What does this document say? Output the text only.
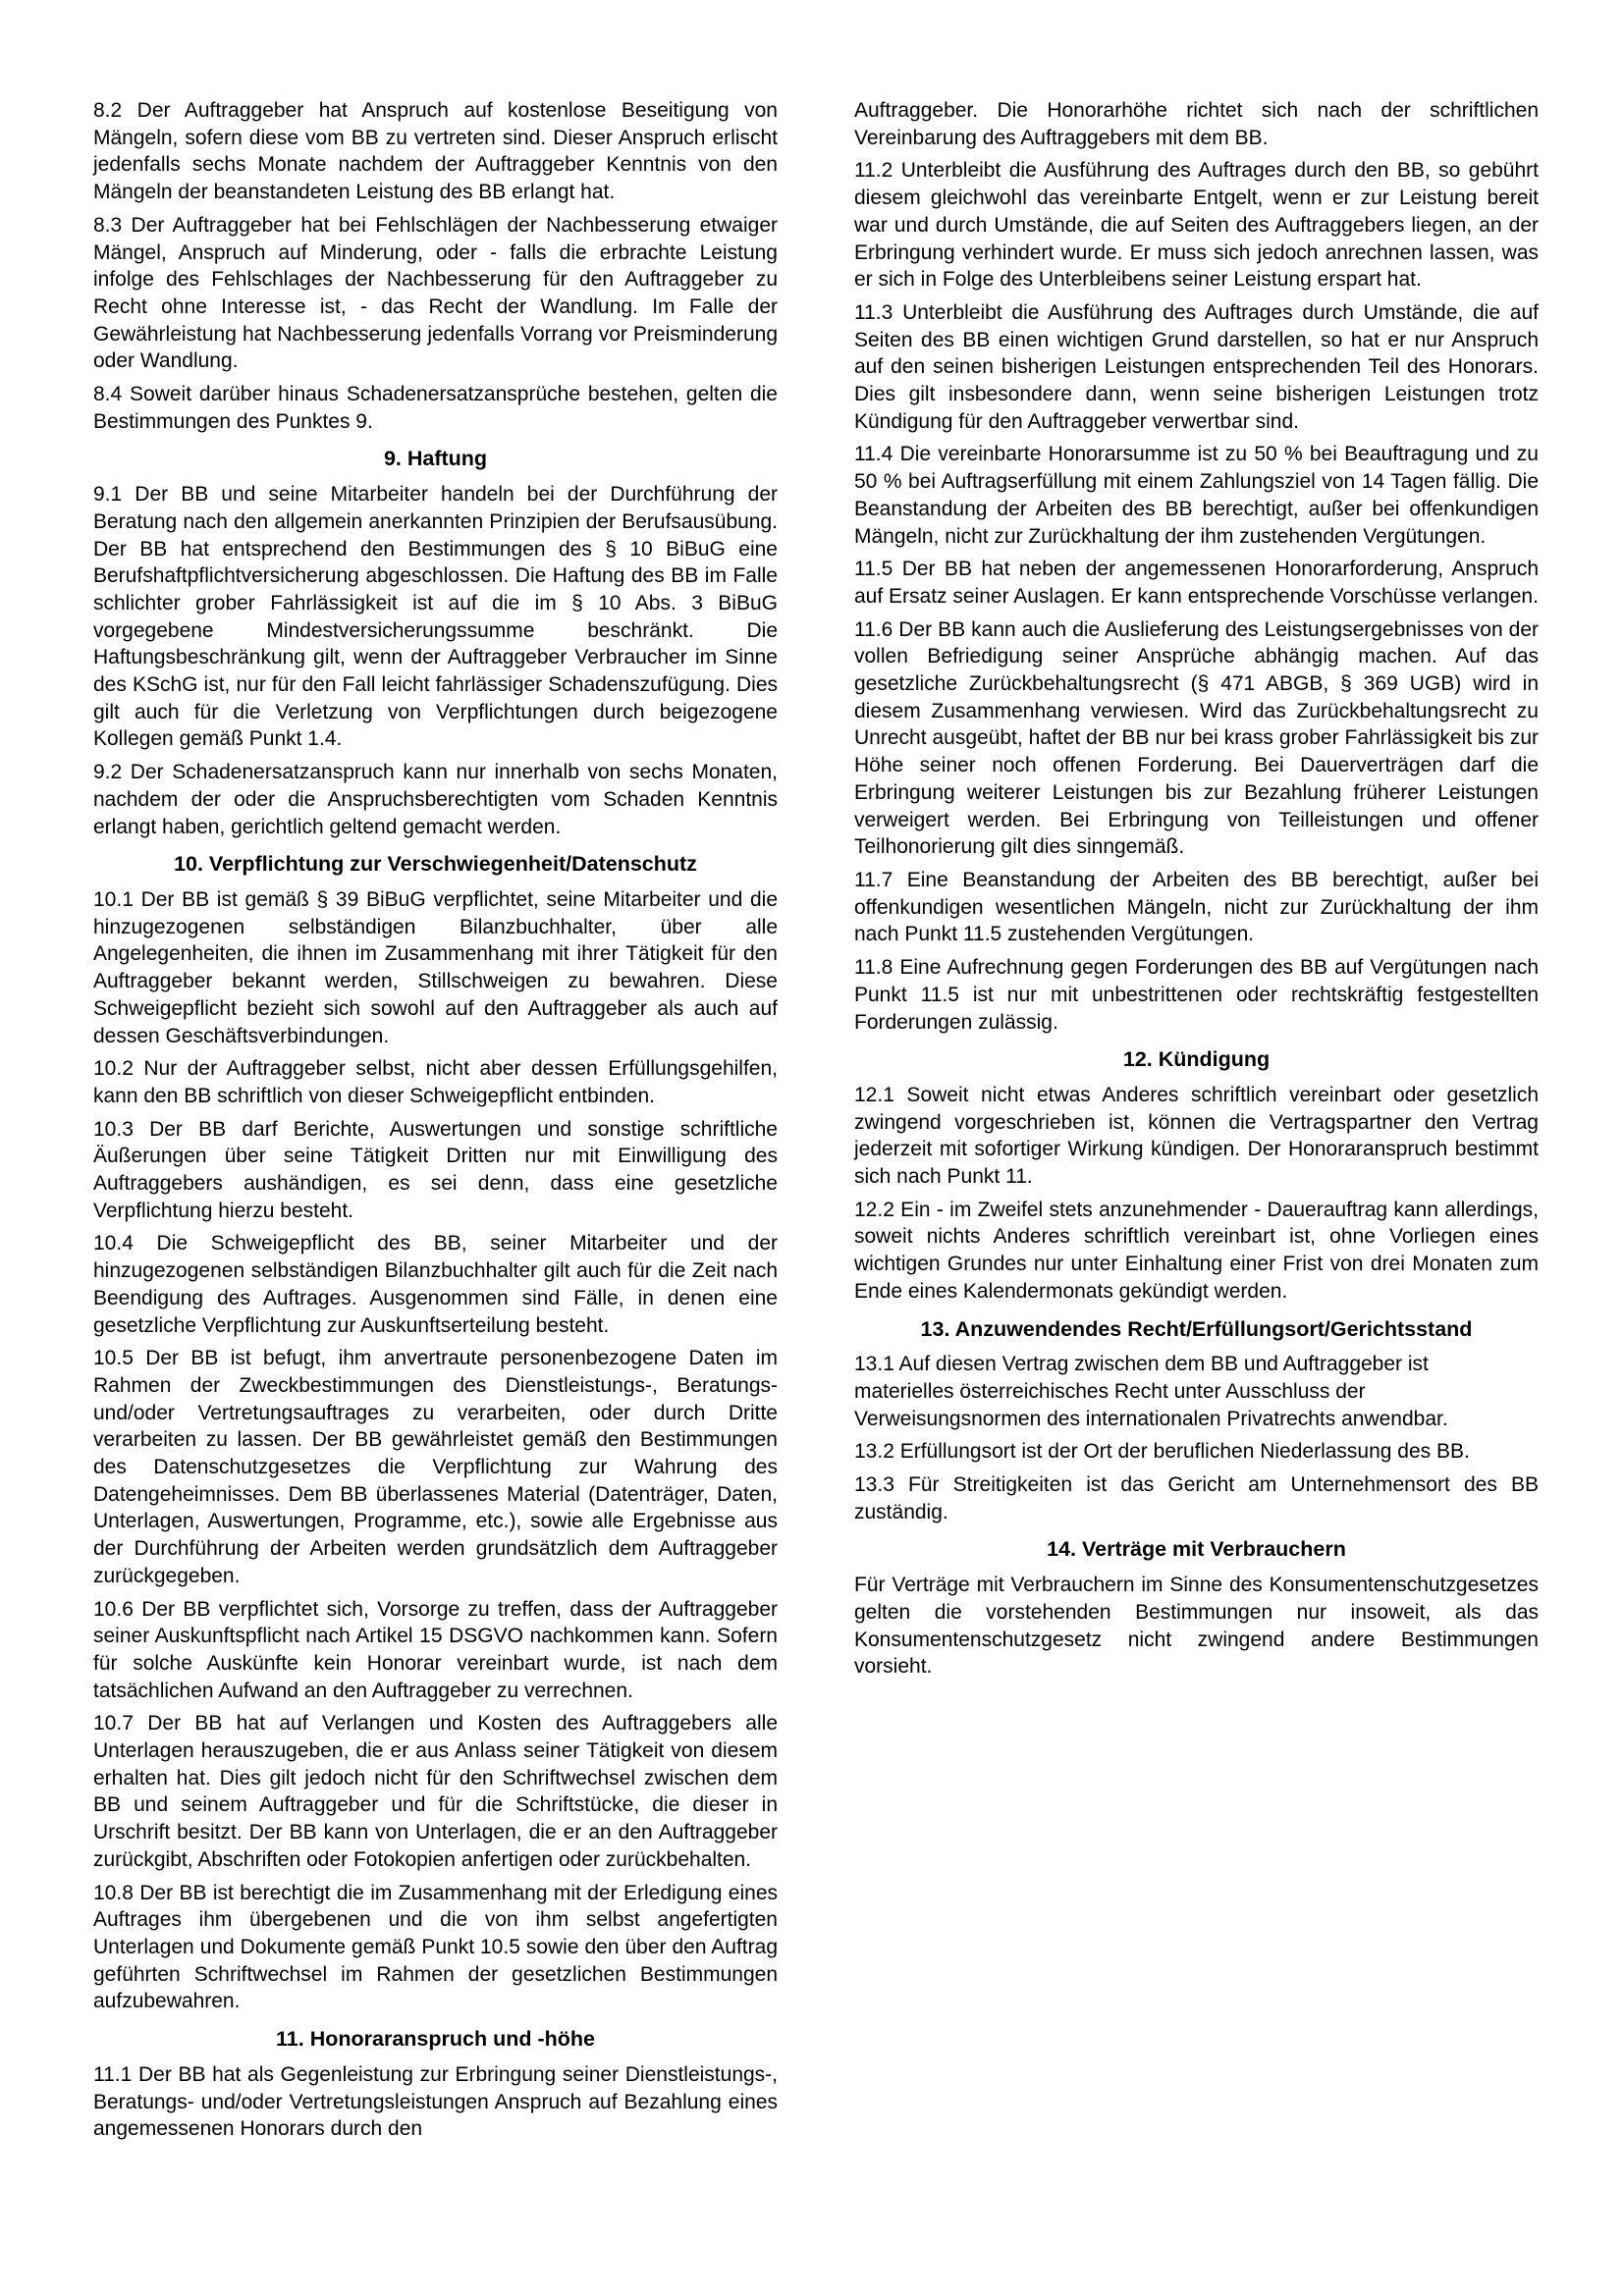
8.2 Der Auftraggeber hat Anspruch auf kostenlose Beseitigung von Mängeln, sofern diese vom BB zu vertreten sind. Dieser Anspruch erlischt jedenfalls sechs Monate nachdem der Auftraggeber Kenntnis von den Mängeln der beanstandeten Leistung des BB erlangt hat.

8.3 Der Auftraggeber hat bei Fehlschlägen der Nachbesserung etwaiger Mängel, Anspruch auf Minderung, oder - falls die erbrachte Leistung infolge des Fehlschlages der Nachbesserung für den Auftraggeber zu Recht ohne Interesse ist, - das Recht der Wandlung. Im Falle der Gewährleistung hat Nachbesserung jedenfalls Vorrang vor Preisminderung oder Wandlung.

8.4 Soweit darüber hinaus Schadenersatzansprüche bestehen, gelten die Bestimmungen des Punktes 9.

9. Haftung

9.1 Der BB und seine Mitarbeiter handeln bei der Durchführung der Beratung nach den allgemein anerkannten Prinzipien der Berufsausübung. Der BB hat entsprechend den Bestimmungen des § 10 BiBuG eine Berufshaftpflichtversicherung abgeschlossen. Die Haftung des BB im Falle schlichter grober Fahrlässigkeit ist auf die im § 10 Abs. 3 BiBuG vorgegebene Mindestversicherungssumme beschränkt. Die Haftungsbeschränkung gilt, wenn der Auftraggeber Verbraucher im Sinne des KSchG ist, nur für den Fall leicht fahrlässiger Schadenszufügung. Dies gilt auch für die Verletzung von Verpflichtungen durch beigezogene Kollegen gemäß Punkt 1.4.

9.2 Der Schadenersatzanspruch kann nur innerhalb von sechs Monaten, nachdem der oder die Anspruchsberechtigten vom Schaden Kenntnis erlangt haben, gerichtlich geltend gemacht werden.

10. Verpflichtung zur Verschwiegenheit/Datenschutz

10.1 Der BB ist gemäß § 39 BiBuG verpflichtet, seine Mitarbeiter und die hinzugezogenen selbständigen Bilanzbuchhalter, über alle Angelegenheiten, die ihnen im Zusammenhang mit ihrer Tätigkeit für den Auftraggeber bekannt werden, Stillschweigen zu bewahren. Diese Schweigepflicht bezieht sich sowohl auf den Auftraggeber als auch auf dessen Geschäftsverbindungen.

10.2 Nur der Auftraggeber selbst, nicht aber dessen Erfüllungsgehilfen, kann den BB schriftlich von dieser Schweigepflicht entbinden.

10.3 Der BB darf Berichte, Auswertungen und sonstige schriftliche Äußerungen über seine Tätigkeit Dritten nur mit Einwilligung des Auftraggebers aushändigen, es sei denn, dass eine gesetzliche Verpflichtung hierzu besteht.

10.4 Die Schweigepflicht des BB, seiner Mitarbeiter und der hinzugezogenen selbständigen Bilanzbuchhalter gilt auch für die Zeit nach Beendigung des Auftrages. Ausgenommen sind Fälle, in denen eine gesetzliche Verpflichtung zur Auskunftserteilung besteht.

10.5 Der BB ist befugt, ihm anvertraute personenbezogene Daten im Rahmen der Zweckbestimmungen des Dienstleistungs-, Beratungs- und/oder Vertretungsauftrages zu verarbeiten, oder durch Dritte verarbeiten zu lassen. Der BB gewährleistet gemäß den Bestimmungen des Datenschutzgesetzes die Verpflichtung zur Wahrung des Datengeheimnisses. Dem BB überlassenes Material (Datenträger, Daten, Unterlagen, Auswertungen, Programme, etc.), sowie alle Ergebnisse aus der Durchführung der Arbeiten werden grundsätzlich dem Auftraggeber zurückgegeben.

10.6 Der BB verpflichtet sich, Vorsorge zu treffen, dass der Auftraggeber seiner Auskunftspflicht nach Artikel 15 DSGVO nachkommen kann. Sofern für solche Auskünfte kein Honorar vereinbart wurde, ist nach dem tatsächlichen Aufwand an den Auftraggeber zu verrechnen.

10.7 Der BB hat auf Verlangen und Kosten des Auftraggebers alle Unterlagen herauszugeben, die er aus Anlass seiner Tätigkeit von diesem erhalten hat. Dies gilt jedoch nicht für den Schriftwechsel zwischen dem BB und seinem Auftraggeber und für die Schriftstücke, die dieser in Urschrift besitzt. Der BB kann von Unterlagen, die er an den Auftraggeber zurückgibt, Abschriften oder Fotokopien anfertigen oder zurückbehalten.

10.8 Der BB ist berechtigt die im Zusammenhang mit der Erledigung eines Auftrages ihm übergebenen und die von ihm selbst angefertigten Unterlagen und Dokumente gemäß Punkt 10.5 sowie den über den Auftrag geführten Schriftwechsel im Rahmen der gesetzlichen Bestimmungen aufzubewahren.

11. Honoraranspruch und -höhe

11.1 Der BB hat als Gegenleistung zur Erbringung seiner Dienstleistungs-, Beratungs- und/oder Vertretungsleistungen Anspruch auf Bezahlung eines angemessenen Honorars durch den

Auftraggeber. Die Honorarhöhe richtet sich nach der schriftlichen Vereinbarung des Auftraggebers mit dem BB.

11.2 Unterbleibt die Ausführung des Auftrages durch den BB, so gebührt diesem gleichwohl das vereinbarte Entgelt, wenn er zur Leistung bereit war und durch Umstände, die auf Seiten des Auftraggebers liegen, an der Erbringung verhindert wurde. Er muss sich jedoch anrechnen lassen, was er sich in Folge des Unterbleibens seiner Leistung erspart hat.

11.3 Unterbleibt die Ausführung des Auftrages durch Umstände, die auf Seiten des BB einen wichtigen Grund darstellen, so hat er nur Anspruch auf den seinen bisherigen Leistungen entsprechenden Teil des Honorars. Dies gilt insbesondere dann, wenn seine bisherigen Leistungen trotz Kündigung für den Auftraggeber verwertbar sind.

11.4 Die vereinbarte Honorarsumme ist zu 50 % bei Beauftragung und zu 50 % bei Auftragserfüllung mit einem Zahlungsziel von 14 Tagen fällig. Die Beanstandung der Arbeiten des BB berechtigt, außer bei offenkundigen Mängeln, nicht zur Zurückhaltung der ihm zustehenden Vergütungen.

11.5 Der BB hat neben der angemessenen Honorarforderung, Anspruch auf Ersatz seiner Auslagen. Er kann entsprechende Vorschüsse verlangen.

11.6 Der BB kann auch die Auslieferung des Leistungsergebnisses von der vollen Befriedigung seiner Ansprüche abhängig machen. Auf das gesetzliche Zurückbehaltungsrecht (§ 471 ABGB, § 369 UGB) wird in diesem Zusammenhang verwiesen. Wird das Zurückbehaltungsrecht zu Unrecht ausgeübt, haftet der BB nur bei krass grober Fahrlässigkeit bis zur Höhe seiner noch offenen Forderung. Bei Dauerverträgen darf die Erbringung weiterer Leistungen bis zur Bezahlung früherer Leistungen verweigert werden. Bei Erbringung von Teilleistungen und offener Teilhonorierung gilt dies sinngemäß.

11.7 Eine Beanstandung der Arbeiten des BB berechtigt, außer bei offenkundigen wesentlichen Mängeln, nicht zur Zurückhaltung der ihm nach Punkt 11.5 zustehenden Vergütungen.

11.8 Eine Aufrechnung gegen Forderungen des BB auf Vergütungen nach Punkt 11.5 ist nur mit unbestrittenen oder rechtskräftig festgestellten Forderungen zulässig.

12. Kündigung

12.1 Soweit nicht etwas Anderes schriftlich vereinbart oder gesetzlich zwingend vorgeschrieben ist, können die Vertragspartner den Vertrag jederzeit mit sofortiger Wirkung kündigen. Der Honoraranspruch bestimmt sich nach Punkt 11.

12.2 Ein - im Zweifel stets anzunehmender - Dauerauftrag kann allerdings, soweit nichts Anderes schriftlich vereinbart ist, ohne Vorliegen eines wichtigen Grundes nur unter Einhaltung einer Frist von drei Monaten zum Ende eines Kalendermonats gekündigt werden.

13. Anzuwendendes Recht/Erfüllungsort/Gerichtsstand

13.1 Auf diesen Vertrag zwischen dem BB und Auftraggeber ist
materielles österreichisches Recht unter Ausschluss der
Verweisungsnormen des internationalen Privatrechts anwendbar.

13.2 Erfüllungsort ist der Ort der beruflichen Niederlassung des BB.

13.3 Für Streitigkeiten ist das Gericht am Unternehmensort des BB zuständig.

14. Verträge mit Verbrauchern

Für Verträge mit Verbrauchern im Sinne des Konsumentenschutzgesetzes gelten die vorstehenden Bestimmungen nur insoweit, als das Konsumentenschutzgesetz nicht zwingend andere Bestimmungen vorsieht.
